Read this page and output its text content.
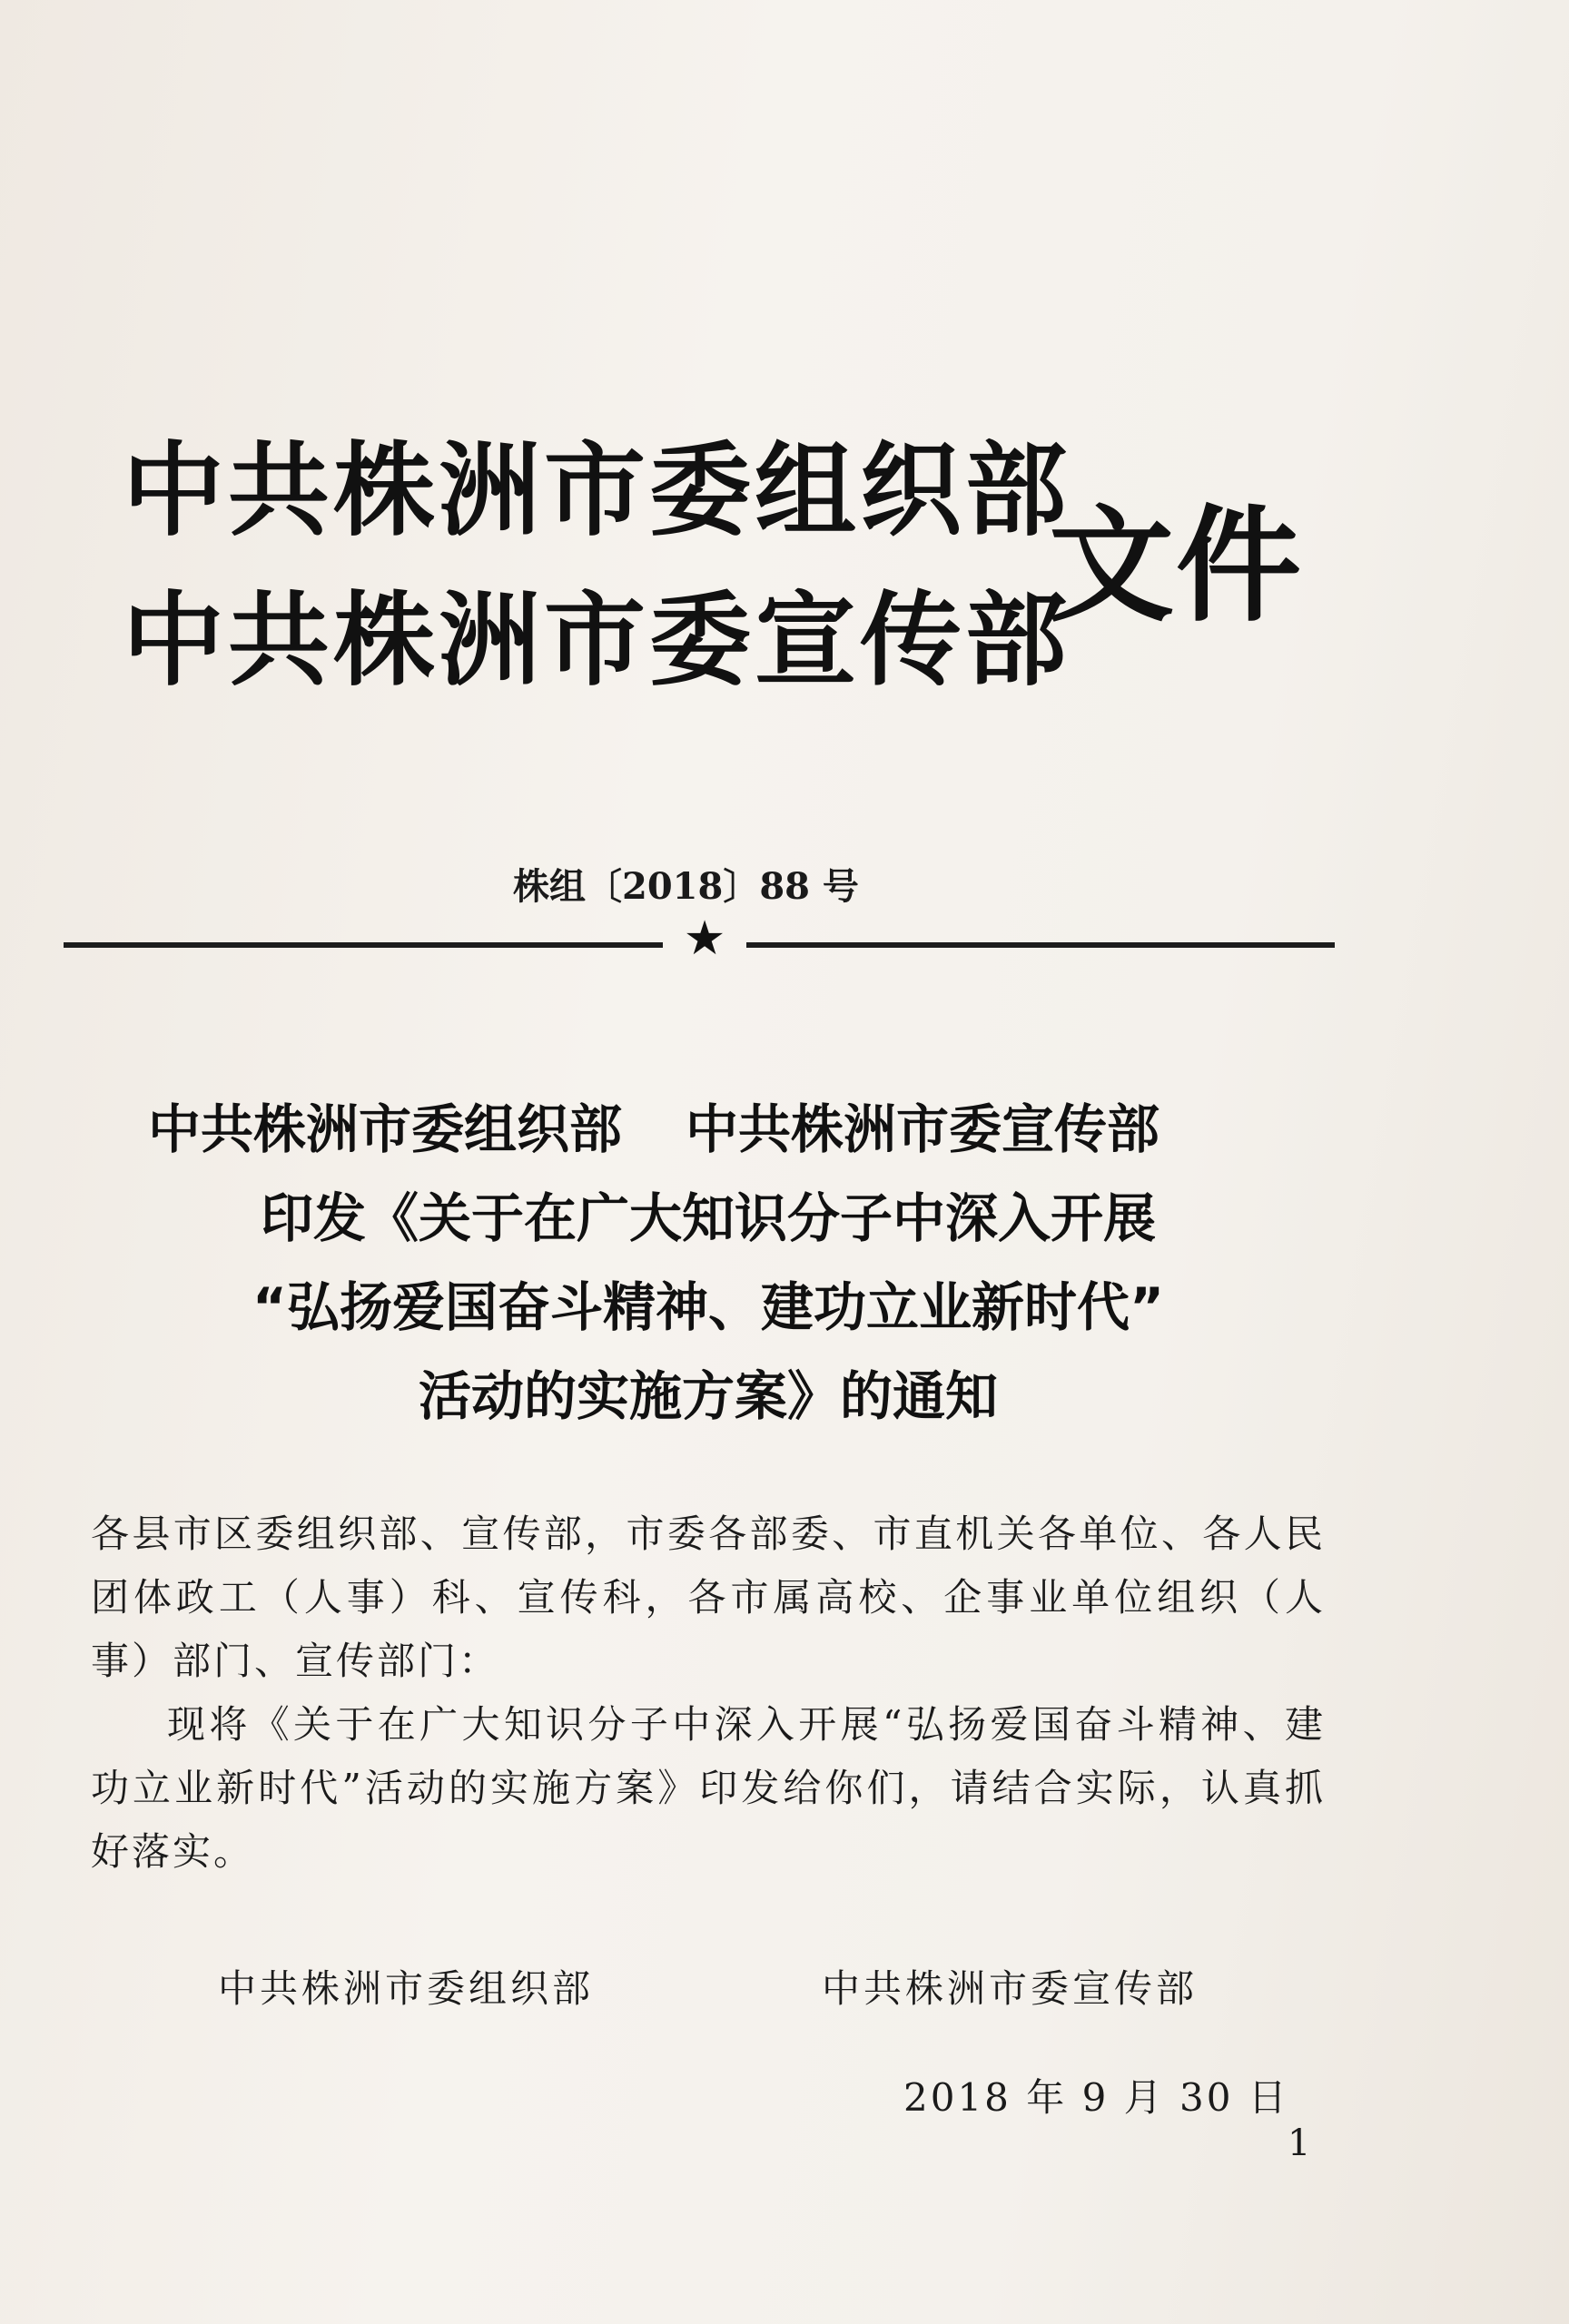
中共株洲市委组织部
中共株洲市委宣传部
文件
株组〔2018〕88 号
★
中共株洲市委组织部 中共株洲市委宣传部
印发《关于在广大知识分子中深入开展
“弘扬爱国奋斗精神、建功立业新时代”
活动的实施方案》的通知

各县市区委组织部、宣传部，市委各部委、市直机关各单位、各人民团体政工（人事）科、宣传科，各市属高校、企事业单位组织（人事）部门、宣传部门：

现将《关于在广大知识分子中深入开展“弘扬爱国奋斗精神、建功立业新时代”活动的实施方案》印发给你们，请结合实际，认真抓好落实。

中共株洲市委组织部	中共株洲市委宣传部
2018 年 9 月 30 日
1
